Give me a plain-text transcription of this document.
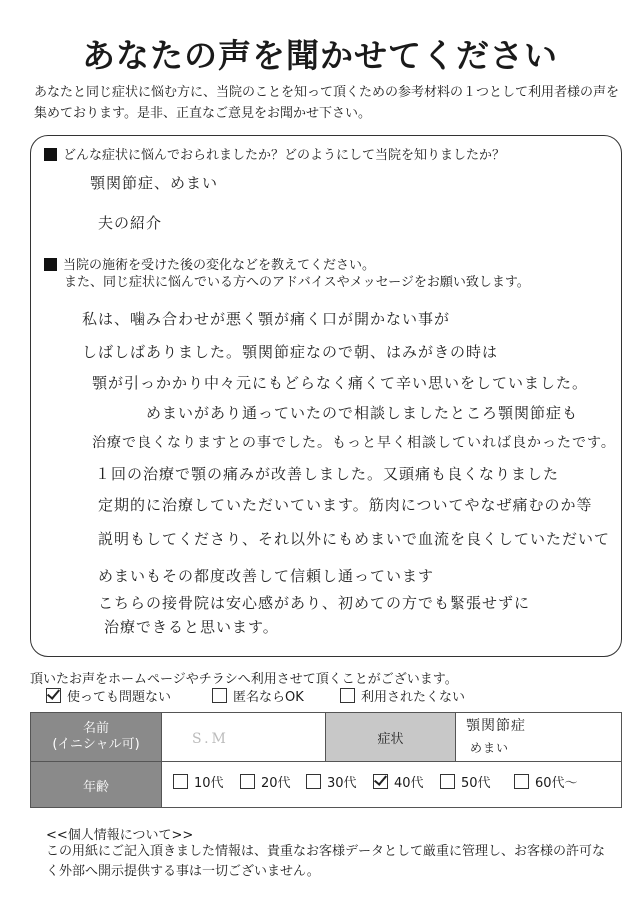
あなたの声を聞かせてください
あなたと同じ症状に悩む方に、当院のことを知って頂くための参考材料の１つとして利用者様の声を集めております。是非、正直なご意見をお聞かせ下さい。
どんな症状に悩んでおられましたか？どのようにして当院を知りましたか？
顎関節症、めまい
夫の紹介
当院の施術を受けた後の変化などを教えてください。
また、同じ症状に悩んでいる方へのアドバイスやメッセージをお願い致します。
私は、噛み合わせが悪く顎が痛く口が開かない事が
しばしばありました。顎関節症なので朝、はみがきの時は
顎が引っかかり中々元にもどらなく痛くて辛い思いをしていました。
めまいがあり通っていたので相談しましたところ顎関節症も
治療で良くなりますとの事でした。もっと早く相談していれば良かったです。
１回の治療で顎の痛みが改善しました。又頭痛も良くなりました
定期的に治療していただいています。筋肉についてやなぜ痛むのか等
説明もしてくださり、それ以外にもめまいで血流を良くしていただいて
めまいもその都度改善して信頼し通っています
こちらの接骨院は安心感があり、初めての方でも緊張せずに
治療できると思います。
頂いたお声をホームページやチラシへ利用させて頂くことがございます。
使っても問題ない	匿名ならOK	利用されたくない
名前
(イニシャル可)	S.M	症状
顎関節症
めまい
年齢	10代	20代	30代	40代	50代	60代〜
<<個人情報について>>
この用紙にご記入頂きました情報は、貴重なお客様データとして厳重に管理し、お客様の許可なく外部へ開示提供する事は一切ございません。
